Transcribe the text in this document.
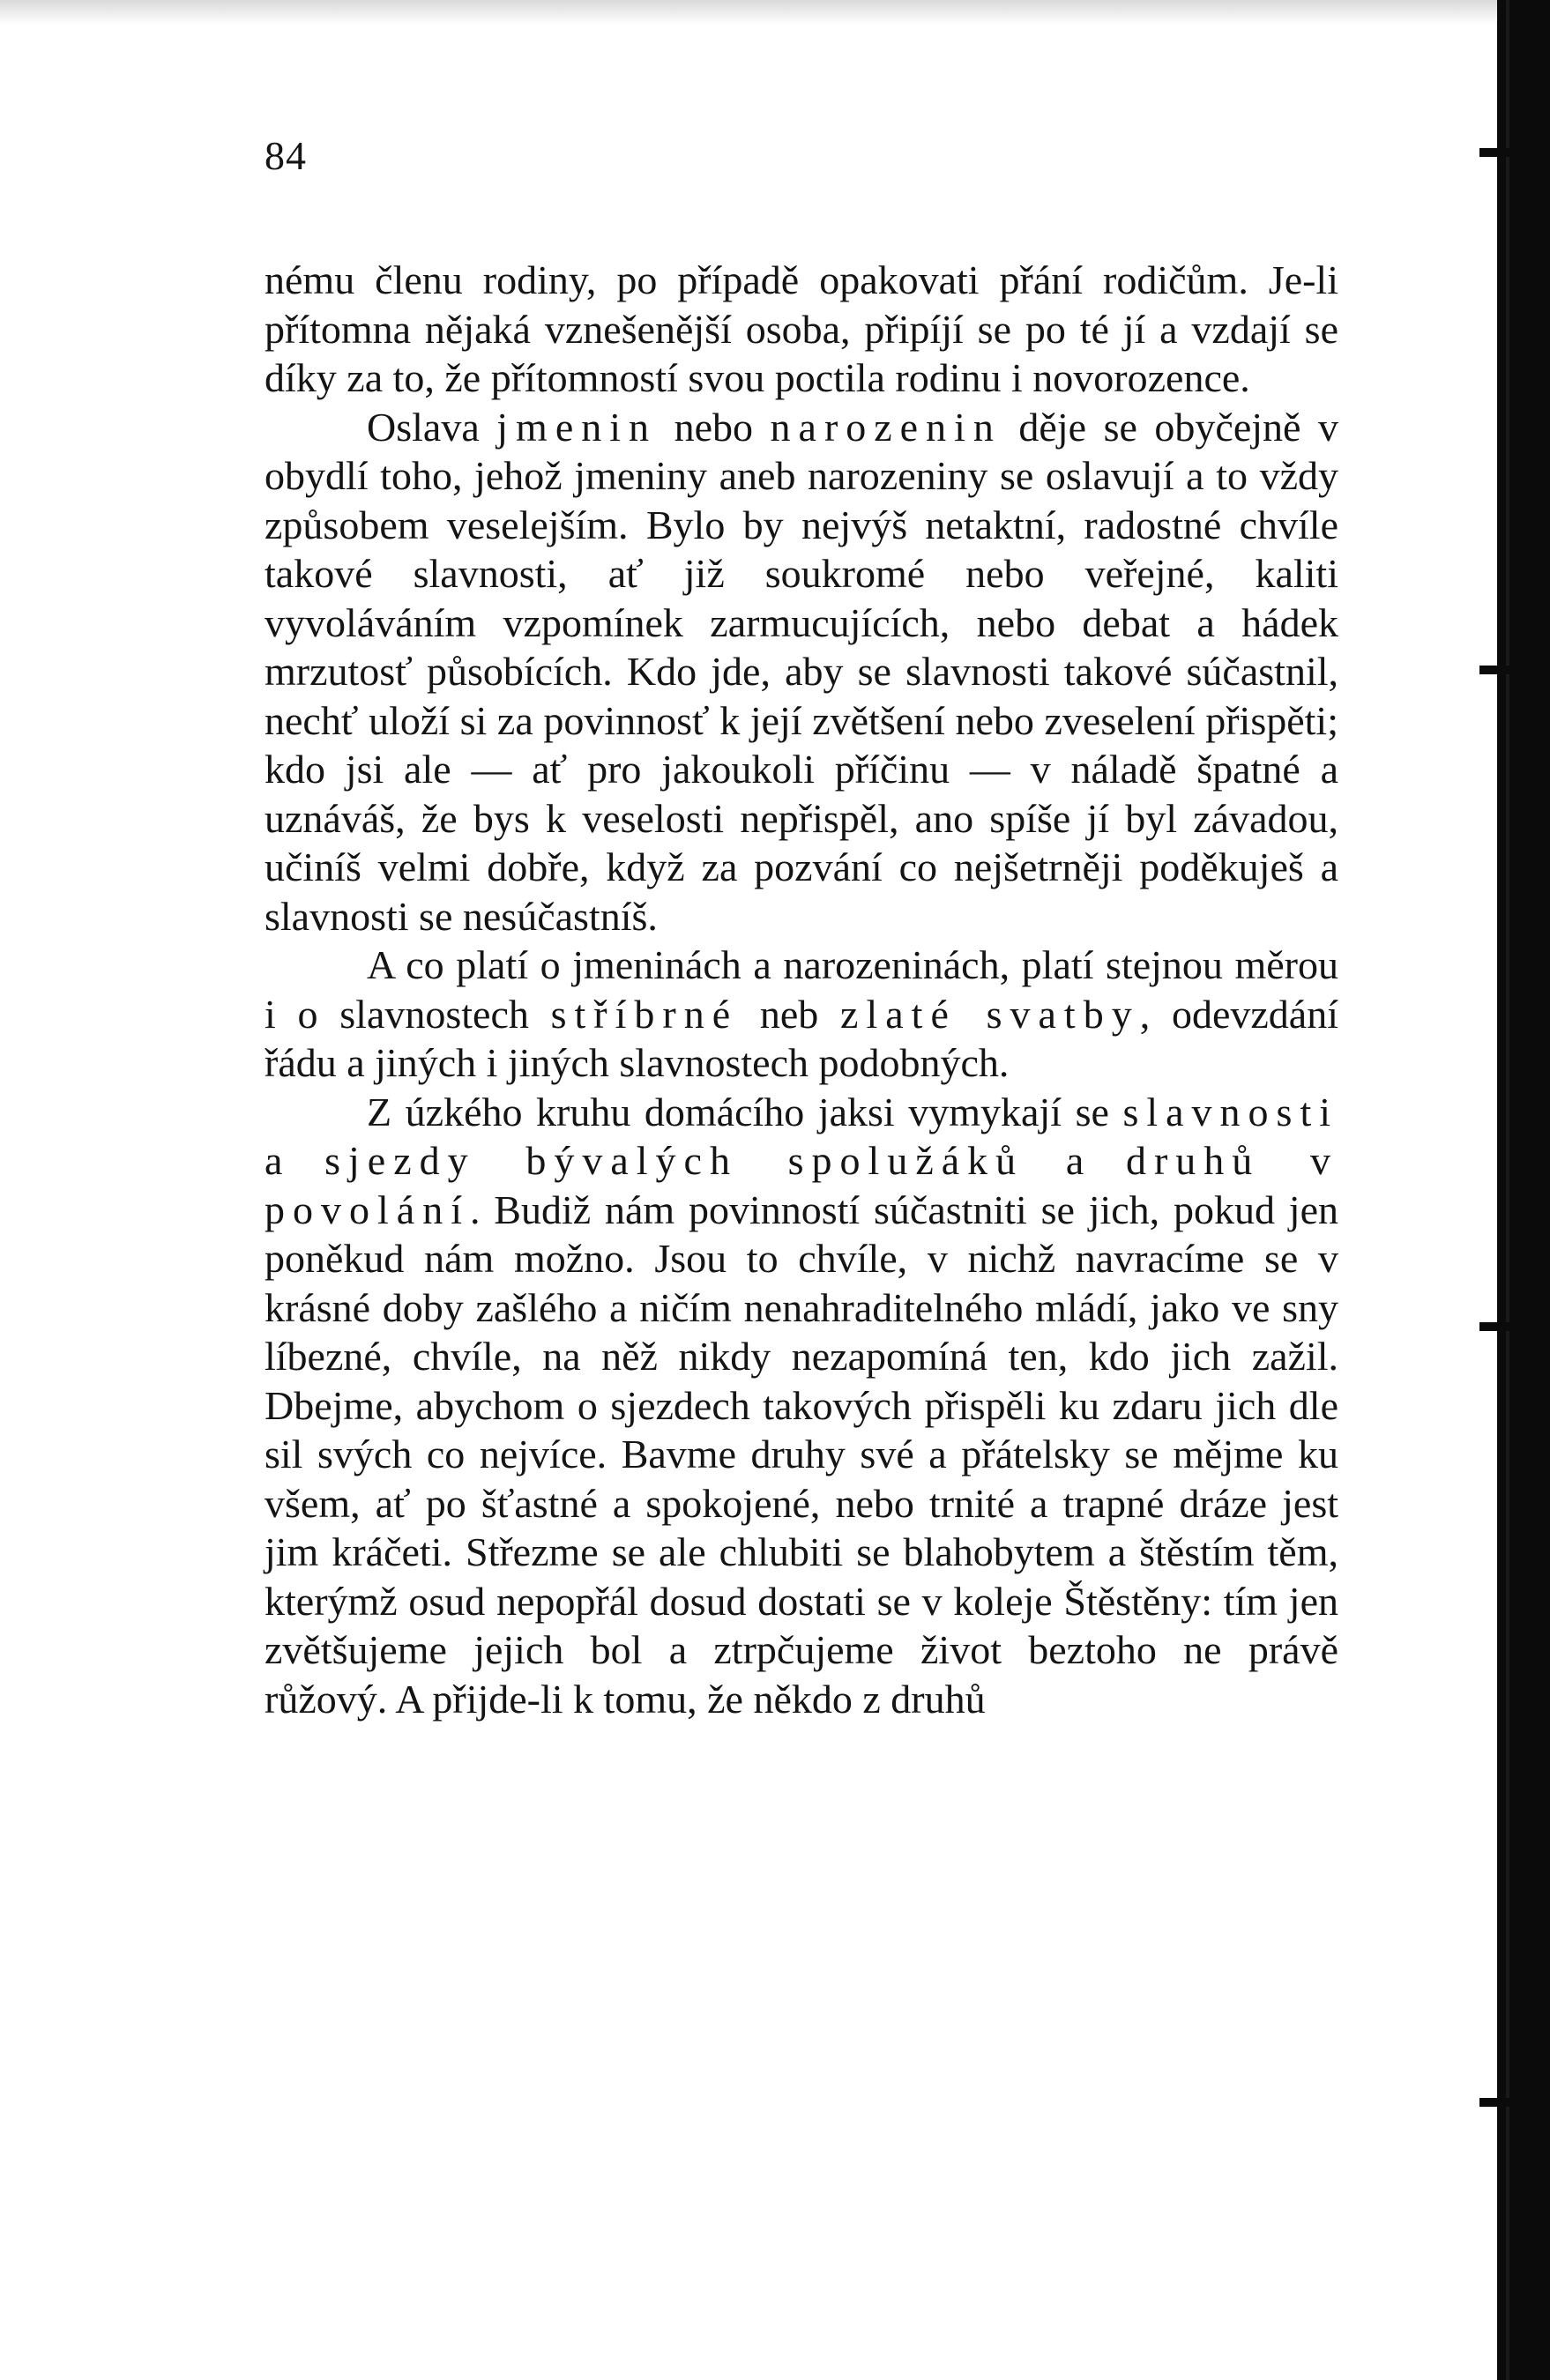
84

nému členu rodiny, po případě opakovati přání rodičům. Je-li přítomna nějaká vznešenější osoba, připíjí se po té jí a vzdají se díky za to, že přítomností svou poctila rodinu i novorozence.

Oslava jmenin nebo narozenin děje se obyčejně v obydlí toho, jehož jmeniny aneb narozeniny se oslavují a to vždy způsobem veselejším. Bylo by nejvýš netaktní, radostné chvíle takové slavnosti, ať již soukromé nebo veřejné, kaliti vyvoláváním vzpomínek zarmucujících, nebo debat a hádek mrzutosť působících. Kdo jde, aby se slavnosti takové súčastnil, nechť uloží si za povinnosť k její zvětšení nebo zveselení přispěti; kdo jsi ale — ať pro jakoukoli příčinu — v náladě špatné a uznáváš, že bys k veselosti nepřispěl, ano spíše jí byl závadou, učiníš velmi dobře, když za pozvání co nejšetrněji poděkuješ a slavnosti se nesúčastníš.

A co platí o jmeninách a narozeninách, platí stejnou měrou i o slavnostech stříbrné neb zlaté svatby, odevzdání řádu a jiných i jiných slavnostech podobných.

Z úzkého kruhu domácího jaksi vymykají se slavnosti a sjezdy bývalých spolužáků a druhů v povolání. Budiž nám povinností súčastniti se jich, pokud jen poněkud nám možno. Jsou to chvíle, v nichž navracíme se v krásné doby zašlého a ničím nenahraditelného mládí, jako ve sny líbezné, chvíle, na něž nikdy nezapomíná ten, kdo jich zažil. Dbejme, abychom o sjezdech takových přispěli ku zdaru jich dle sil svých co nejvíce. Bavme druhy své a přátelsky se mějme ku všem, ať po šťastné a spokojené, nebo trnité a trapné dráze jest jim kráčeti. Střezme se ale chlubiti se blahobytem a štěstím těm, kterýmž osud nepopřál dosud dostati se v koleje Štěstěny: tím jen zvětšujeme jejich bol a ztrpčujeme život beztoho ne právě růžový. A přijde-li k tomu, že někdo z druhů
